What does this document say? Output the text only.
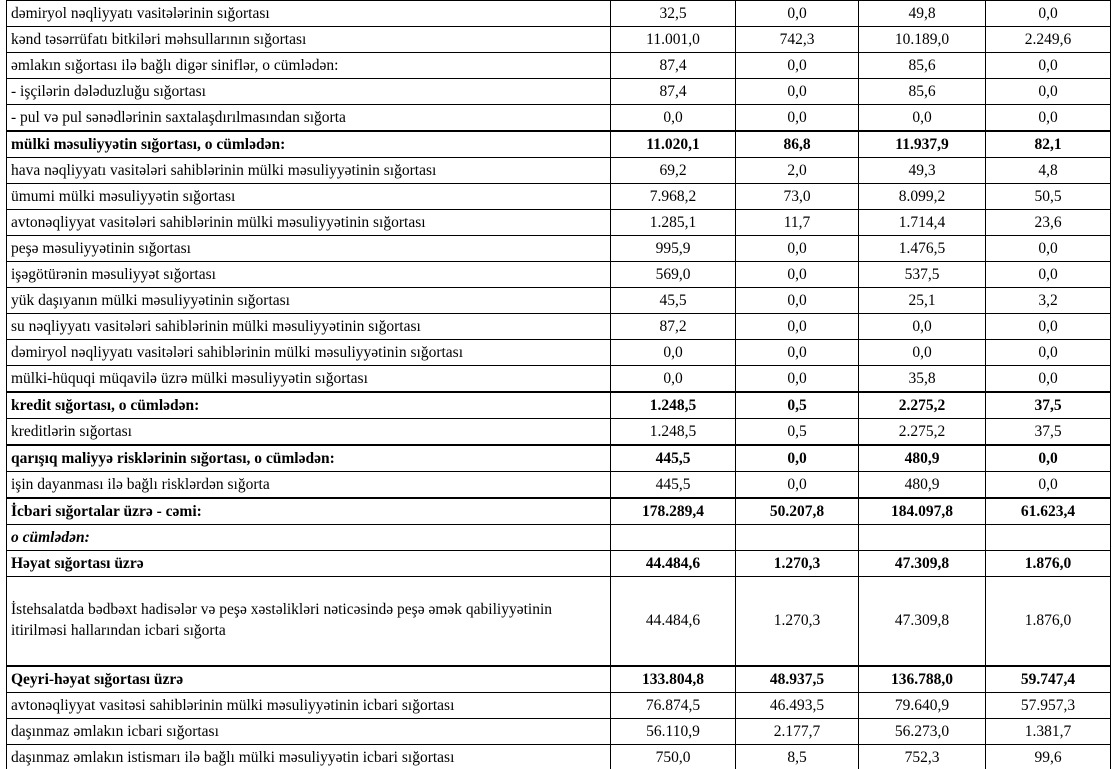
dəmiryol nəqliyyatı vasitələrinin sığortası	32,5	0,0	49,8	0,0
kənd təsərrüfatı bitkiləri məhsullarının sığortası	11.001,0	742,3	10.189,0	2.249,6
əmlakın sığortası ilə bağlı digər siniflər, o cümlədən:	87,4	0,0	85,6	0,0
- işçilərin dələduzluğu sığortası	87,4	0,0	85,6	0,0
- pul və pul sənədlərinin saxtalaşdırılmasından sığorta	0,0	0,0	0,0	0,0
mülki məsuliyyətin sığortası, o cümlədən:	11.020,1	86,8	11.937,9	82,1
hava nəqliyyatı vasitələri sahiblərinin mülki məsuliyyətinin sığortası	69,2	2,0	49,3	4,8
ümumi mülki məsuliyyətin sığortası	7.968,2	73,0	8.099,2	50,5
avtonəqliyyat vasitələri sahiblərinin mülki məsuliyyətinin sığortası	1.285,1	11,7	1.714,4	23,6
peşə məsuliyyətinin sığortası	995,9	0,0	1.476,5	0,0
işəgötürənin məsuliyyət sığortası	569,0	0,0	537,5	0,0
yük daşıyanın mülki məsuliyyətinin sığortası	45,5	0,0	25,1	3,2
su nəqliyyatı vasitələri sahiblərinin mülki məsuliyyətinin sığortası	87,2	0,0	0,0	0,0
dəmiryol nəqliyyatı vasitələri sahiblərinin mülki məsuliyyətinin sığortası	0,0	0,0	0,0	0,0
mülki-hüquqi müqavilə üzrə mülki məsuliyyətin sığortası	0,0	0,0	35,8	0,0
kredit sığortası, o cümlədən:	1.248,5	0,5	2.275,2	37,5
kreditlərin sığortası	1.248,5	0,5	2.275,2	37,5
qarışıq maliyyə risklərinin sığortası, o cümlədən:	445,5	0,0	480,9	0,0
işin dayanması ilə bağlı risklərdən sığorta	445,5	0,0	480,9	0,0
İcbari sığortalar üzrə - cəmi:	178.289,4	50.207,8	184.097,8	61.623,4
o cümlədən:				
Həyat sığortası üzrə	44.484,6	1.270,3	47.309,8	1.876,0
İstehsalatda bədbəxt hadisələr və peşə xəstəlikləri nəticəsində peşə əmək qabiliyyətinin itirilməsi hallarından icbari sığorta	44.484,6	1.270,3	47.309,8	1.876,0
Qeyri-həyat sığortası üzrə	133.804,8	48.937,5	136.788,0	59.747,4
avtonəqliyyat vasitəsi sahiblərinin mülki məsuliyyətinin icbari sığortası	76.874,5	46.493,5	79.640,9	57.957,3
daşınmaz əmlakın icbari sığortası	56.110,9	2.177,7	56.273,0	1.381,7
daşınmaz əmlakın istismarı ilə bağlı mülki məsuliyyətin icbari sığortası	750,0	8,5	752,3	99,6
